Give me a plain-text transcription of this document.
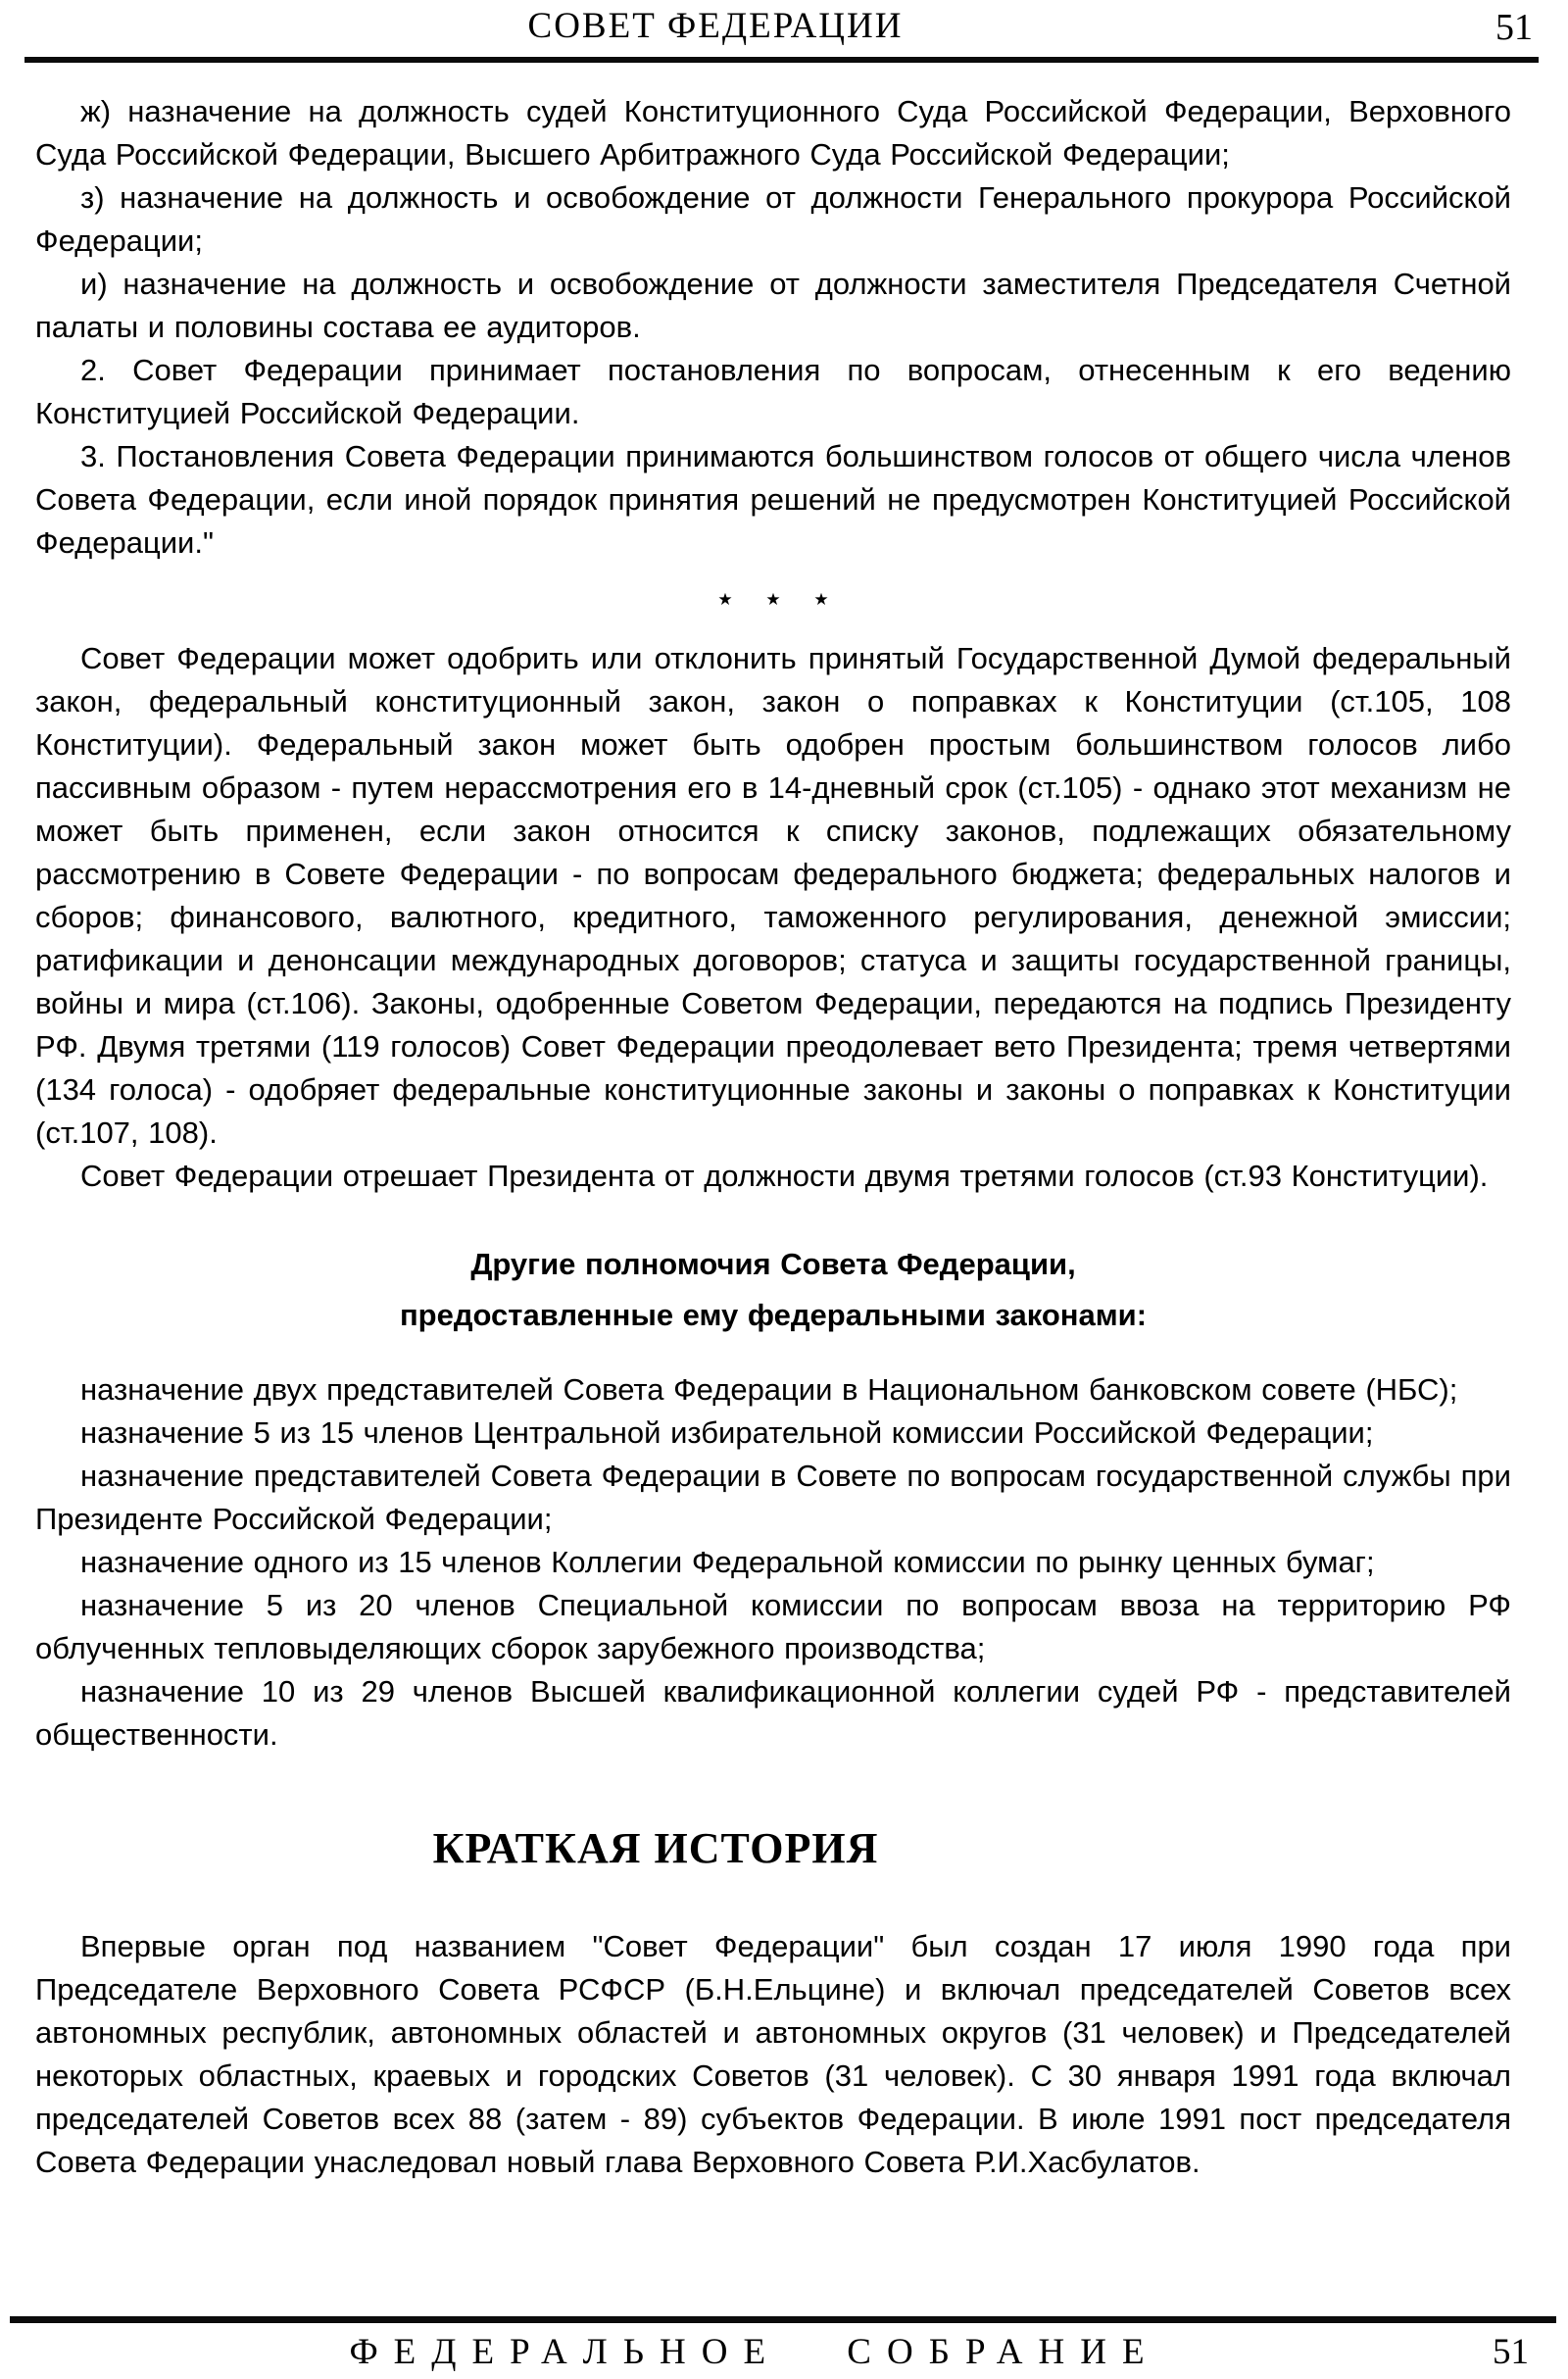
СОВЕТ ФЕДЕРАЦИИ	51

ж) назначение на должность судей Конституционного Суда Российской Федерации, Верховного Суда Российской Федерации, Высшего Арбитражного Суда Российской Федерации;

з) назначение на должность и освобождение от должности Генерального прокурора Российской Федерации;

и) назначение на должность и освобождение от должности заместителя Председателя Счетной палаты и половины состава ее аудиторов.

2. Совет Федерации принимает постановления по вопросам, отнесенным к его ведению Конституцией Российской Федерации.

3. Постановления Совета Федерации принимаются большинством голосов от общего числа членов Совета Федерации, если иной порядок принятия решений не предусмотрен Конституцией Российской Федерации."

★ ★ ★

Совет Федерации может одобрить или отклонить принятый Государственной Думой федеральный закон, федеральный конституционный закон, закон о поправках к Конституции (ст.105, 108 Конституции). Федеральный закон может быть одобрен простым большинством голосов либо пассивным образом - путем нерассмотрения его в 14-дневный срок (ст.105) - однако этот механизм не может быть применен, если закон относится к списку законов, подлежащих обязательному рассмотрению в Совете Федерации - по вопросам федерального бюджета; федеральных налогов и сборов; финансового, валютного, кредитного, таможенного регулирования, денежной эмиссии; ратификации и денонсации международных договоров; статуса и защиты государственной границы, войны и мира (ст.106). Законы, одобренные Советом Федерации, передаются на подпись Президенту РФ. Двумя третями (119 голосов) Совет Федерации преодолевает вето Президента; тремя четвертями (134 голоса) - одобряет федеральные конституционные законы и законы о поправках к Конституции (ст.107, 108).

Совет Федерации отрешает Президента от должности двумя третями голосов (ст.93 Конституции).

Другие полномочия Совета Федерации,
предоставленные ему федеральными законами:

назначение двух представителей Совета Федерации в Национальном банковском совете (НБС);

назначение 5 из 15 членов Центральной избирательной комиссии Российской Федерации;

назначение представителей Совета Федерации в Совете по вопросам государственной службы при Президенте Российской Федерации;

назначение одного из 15 членов Коллегии Федеральной комиссии по рынку ценных бумаг;

назначение 5 из 20 членов Специальной комиссии по вопросам ввоза на территорию РФ облученных тепловыделяющих сборок зарубежного производства;

назначение 10 из 29 членов Высшей квалификационной коллегии судей РФ - представителей общественности.

КРАТКАЯ ИСТОРИЯ

Впервые орган под названием "Совет Федерации" был создан 17 июля 1990 года при Председателе Верховного Совета РСФСР (Б.Н.Ельцине) и включал председателей Советов всех автономных республик, автономных областей и автономных округов (31 человек) и Председателей некоторых областных, краевых и городских Советов (31 человек). С 30 января 1991 года включал председателей Советов всех 88 (затем - 89) субъектов Федерации. В июле 1991 пост председателя Совета Федерации унаследовал новый глава Верховного Совета Р.И.Хасбулатов.

ФЕДЕРАЛЬНОЕ СОБРАНИЕ	51
